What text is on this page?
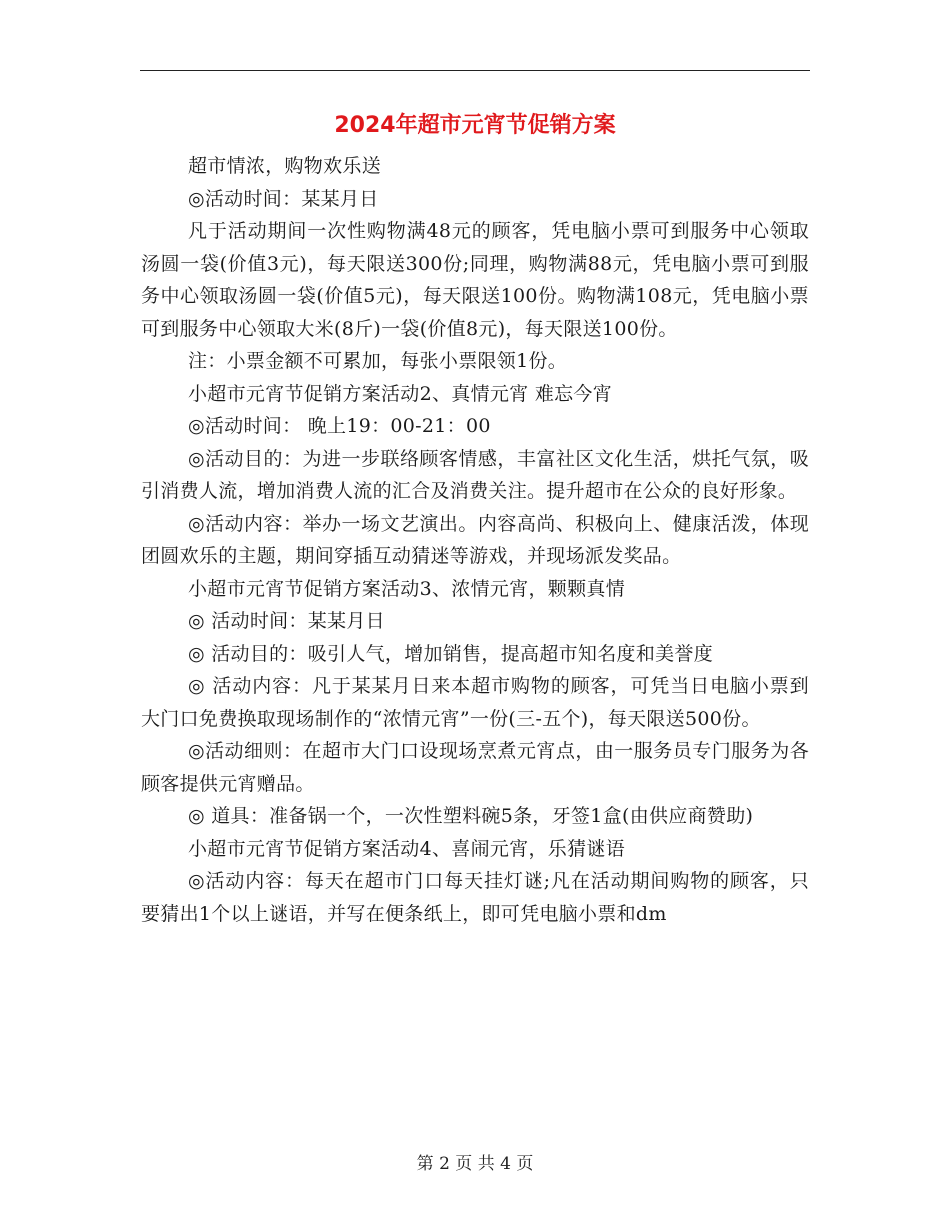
2024年超市元宵节促销方案

超市情浓，购物欢乐送

◎活动时间：某某月日

凡于活动期间一次性购物满48元的顾客，凭电脑小票可到服务中心领取汤圆一袋(价值3元)，每天限送300份;同理，购物满88元，凭电脑小票可到服务中心领取汤圆一袋(价值5元)，每天限送100份。购物满108元，凭电脑小票可到服务中心领取大米(8斤)一袋(价值8元)，每天限送100份。

注：小票金额不可累加，每张小票限领1份。

小超市元宵节促销方案活动2、真情元宵 难忘今宵

◎活动时间： 晚上19：00-21：00

◎活动目的：为进一步联络顾客情感，丰富社区文化生活，烘托气氛，吸引消费人流，增加消费人流的汇合及消费关注。提升超市在公众的良好形象。

◎活动内容：举办一场文艺演出。内容高尚、积极向上、健康活泼，体现团圆欢乐的主题，期间穿插互动猜迷等游戏，并现场派发奖品。

小超市元宵节促销方案活动3、浓情元宵，颗颗真情

◎ 活动时间：某某月日

◎ 活动目的：吸引人气，增加销售，提高超市知名度和美誉度

◎ 活动内容：凡于某某月日来本超市购物的顾客，可凭当日电脑小票到大门口免费换取现场制作的“浓情元宵”一份(三-五个)，每天限送500份。

◎活动细则：在超市大门口设现场烹煮元宵点，由一服务员专门服务为各顾客提供元宵赠品。

◎ 道具：准备锅一个，一次性塑料碗5条，牙签1盒(由供应商赞助)

小超市元宵节促销方案活动4、喜闹元宵，乐猜谜语

◎活动内容：每天在超市门口每天挂灯谜;凡在活动期间购物的顾客，只要猜出1个以上谜语，并写在便条纸上，即可凭电脑小票和dm

第 2 页 共 4 页
